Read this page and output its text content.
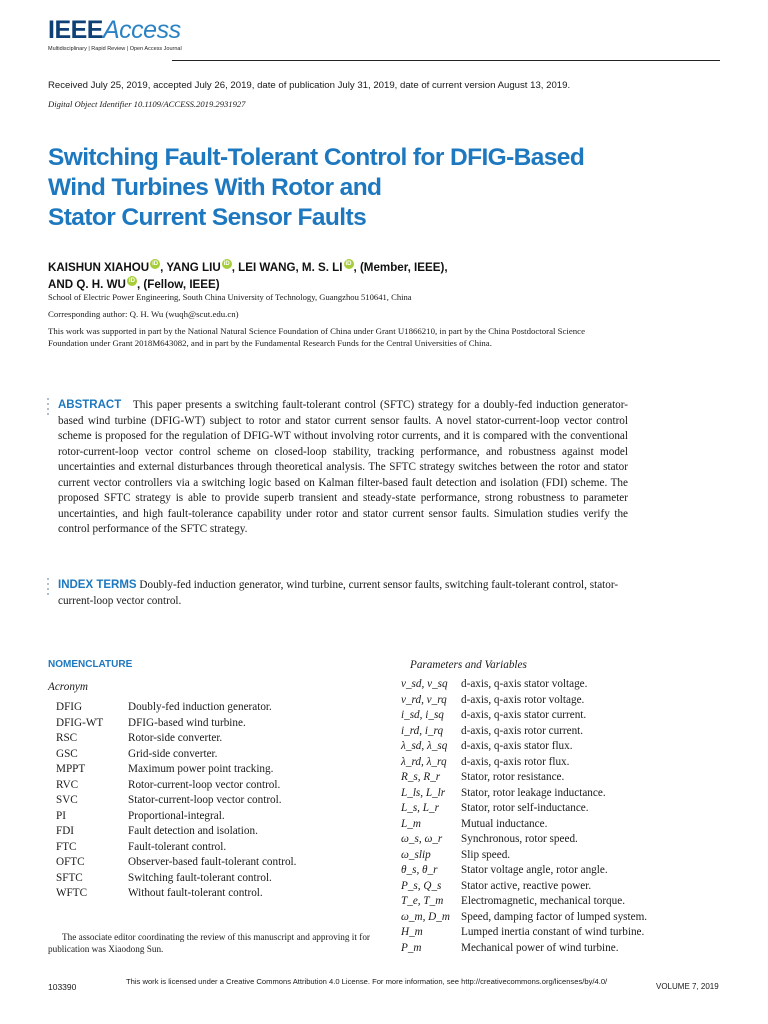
IEEEAccess
Multidisciplinary | Rapid Review | Open Access Journal
Received July 25, 2019, accepted July 26, 2019, date of publication July 31, 2019, date of current version August 13, 2019.
Digital Object Identifier 10.1109/ACCESS.2019.2931927
Switching Fault-Tolerant Control for DFIG-Based
Wind Turbines With Rotor and
Stator Current Sensor Faults
KAISHUN XIAHOU iD , YANG LIU iD , LEI WANG, M. S. LI iD , (Member, IEEE),
AND Q. H. WU iD , (Fellow, IEEE)
School of Electric Power Engineering, South China University of Technology, Guangzhou 510641, China
Corresponding author: Q. H. Wu (wuqh@scut.edu.cn)
This work was supported in part by the National Natural Science Foundation of China under Grant U1866210, in part by the China Postdoctoral Science Foundation under Grant 2018M643082, and in part by the Fundamental Research Funds for the Central Universities of China.
ABSTRACT This paper presents a switching fault-tolerant control (SFTC) strategy for a doubly-fed induction generator-based wind turbine (DFIG-WT) subject to rotor and stator current sensor faults. A novel stator-current-loop vector control scheme is proposed for the regulation of DFIG-WT without involving rotor currents, and it is compared with the conventional rotor-current-loop vector control scheme on closed-loop stability, tracking performance, and robustness against model uncertainties and external disturbances through theoretical analysis. The SFTC strategy switches between the rotor and stator current vector controllers via a switching logic based on Kalman filter-based fault detection and isolation (FDI) scheme. The proposed SFTC strategy is able to provide superb transient and steady-state performance, strong robustness to parameter uncertainties, and high fault-tolerance capability under rotor and stator current sensor faults. Simulation studies verify the control performance of the SFTC strategy.
INDEX TERMS Doubly-fed induction generator, wind turbine, current sensor faults, switching fault-tolerant control, stator-current-loop vector control.
NOMENCLATURE
Acronym
DFIG	Doubly-fed induction generator.
DFIG-WT DFIG-based wind turbine.
RSC	Rotor-side converter.
GSC	Grid-side converter.
MPPT	Maximum power point tracking.
RVC	Rotor-current-loop vector control.
SVC	Stator-current-loop vector control.
PI	Proportional-integral.
FDI	Fault detection and isolation.
FTC	Fault-tolerant control.
OFTC	Observer-based fault-tolerant control.
SFTC	Switching fault-tolerant control.
WFTC	Without fault-tolerant control.
The associate editor coordinating the review of this manuscript and approving it for publication was Xiaodong Sun.
Parameters and Variables
v_sd, v_sq d-axis, q-axis stator voltage.
v_rd, v_rq d-axis, q-axis rotor voltage.
i_sd, i_sq d-axis, q-axis stator current.
i_rd, i_rq d-axis, q-axis rotor current.
λ_sd, λ_sq d-axis, q-axis stator flux.
λ_rd, λ_rq d-axis, q-axis rotor flux.
R_s, R_r Stator, rotor resistance.
L_ls, L_lr Stator, rotor leakage inductance.
L_s, L_r Stator, rotor self-inductance.
L_m	Mutual inductance.
ω_s, ω_r Synchronous, rotor speed.
ω_slip	Slip speed.
θ_s, θ_r Stator voltage angle, rotor angle.
P_s, Q_s Stator active, reactive power.
T_e, T_m Electromagnetic, mechanical torque.
ω_m, D_m Speed, damping factor of lumped system.
H_m	Lumped inertia constant of wind turbine.
P_m	Mechanical power of wind turbine.
103390
This work is licensed under a Creative Commons Attribution 4.0 License. For more information, see http://creativecommons.org/licenses/by/4.0/
VOLUME 7, 2019
